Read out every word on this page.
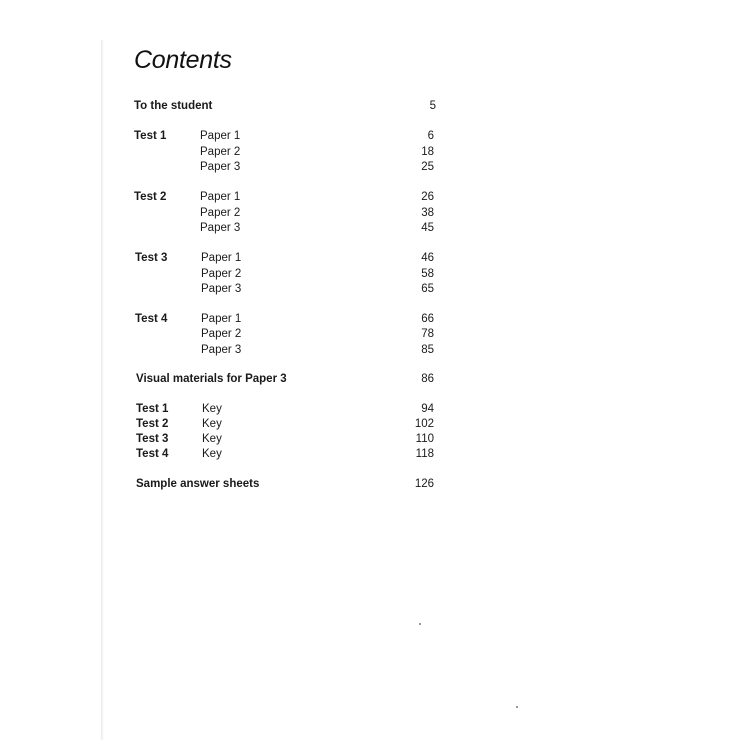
Contents
To the student	5
Test 1	Paper 1	6
Paper 2	18
Paper 3	25
Test 2	Paper 1	26
Paper 2	38
Paper 3	45
Test 3	Paper 1	46
Paper 2	58
Paper 3	65
Test 4	Paper 1	66
Paper 2	78
Paper 3	85
Visual materials for Paper 3	86
Test 1	Key	94
Test 2	Key	102
Test 3	Key	110
Test 4	Key	118
Sample answer sheets	126
